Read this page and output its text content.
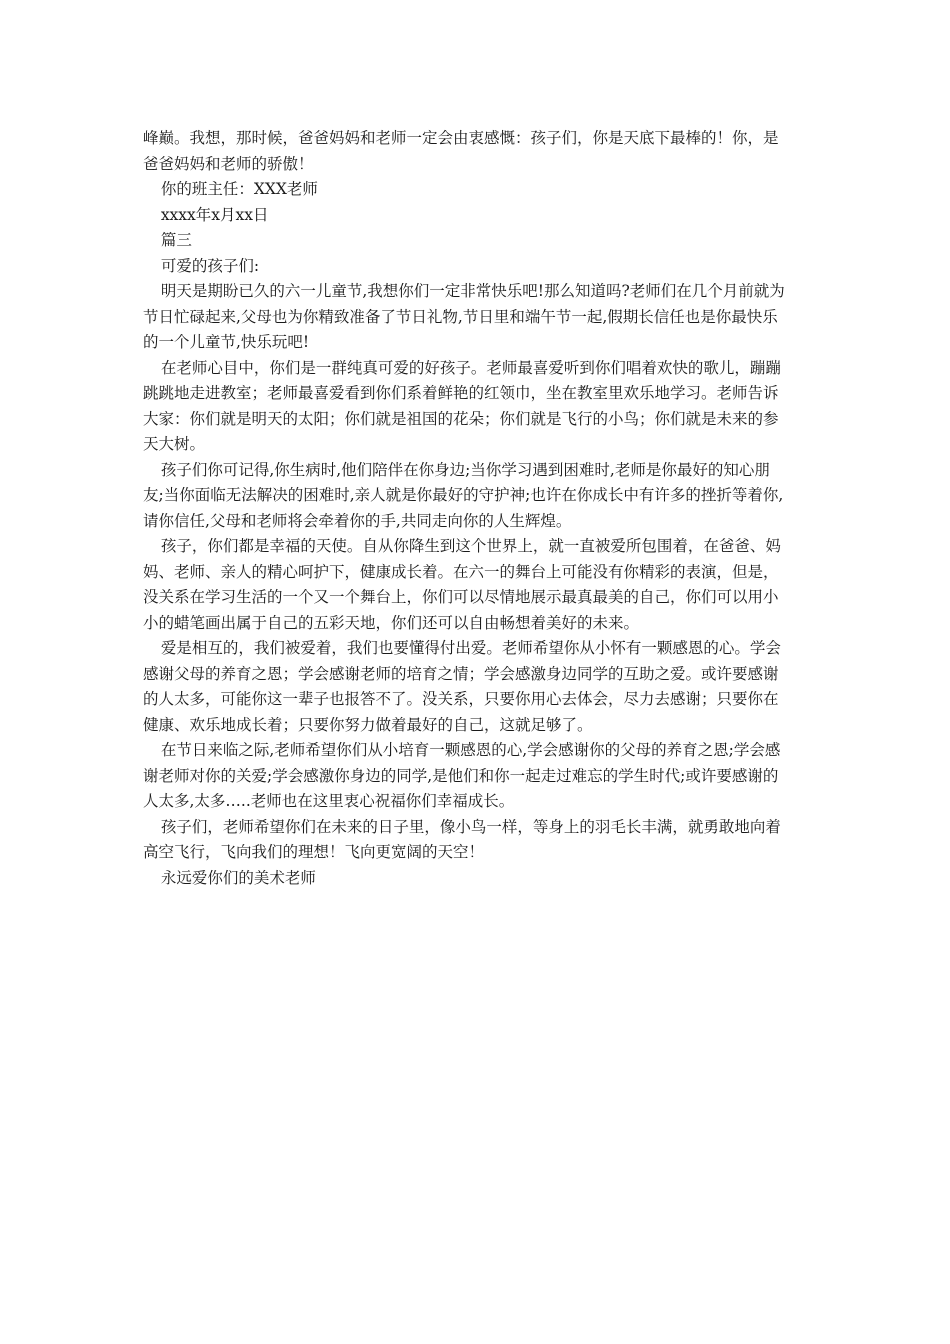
峰巅。我想，那时候，爸爸妈妈和老师一定会由衷感慨：孩子们，你是天底下最棒的！你，是
爸爸妈妈和老师的骄傲！
你的班主任：XXX老师
xxxx年x月xx日
篇三
可爱的孩子们:
明天是期盼已久的六一儿童节,我想你们一定非常快乐吧!那么知道吗?老师们在几个月前就为
节日忙碌起来,父母也为你精致准备了节日礼物,节日里和端午节一起,假期长信任也是你最快乐
的一个儿童节,快乐玩吧!
在老师心目中，你们是一群纯真可爱的好孩子。老师最喜爱听到你们唱着欢快的歌儿，蹦蹦
跳跳地走进教室；老师最喜爱看到你们系着鲜艳的红领巾，坐在教室里欢乐地学习。老师告诉
大家：你们就是明天的太阳；你们就是祖国的花朵；你们就是飞行的小鸟；你们就是未来的参
天大树。
孩子们你可记得,你生病时,他们陪伴在你身边;当你学习遇到困难时,老师是你最好的知心朋
友;当你面临无法解决的困难时,亲人就是你最好的守护神;也许在你成长中有许多的挫折等着你,
请你信任,父母和老师将会牵着你的手,共同走向你的人生辉煌。
孩子，你们都是幸福的天使。自从你降生到这个世界上，就一直被爱所包围着，在爸爸、妈
妈、老师、亲人的精心呵护下，健康成长着。在六一的舞台上可能没有你精彩的表演，但是，
没关系在学习生活的一个又一个舞台上，你们可以尽情地展示最真最美的自己，你们可以用小
小的蜡笔画出属于自己的五彩天地，你们还可以自由畅想着美好的未来。
爱是相互的，我们被爱着，我们也要懂得付出爱。老师希望你从小怀有一颗感恩的心。学会
感谢父母的养育之恩；学会感谢老师的培育之情；学会感激身边同学的互助之爱。或许要感谢
的人太多，可能你这一辈子也报答不了。没关系，只要你用心去体会，尽力去感谢；只要你在
健康、欢乐地成长着；只要你努力做着最好的自己，这就足够了。
在节日来临之际,老师希望你们从小培育一颗感恩的心,学会感谢你的父母的养育之恩;学会感
谢老师对你的关爱;学会感激你身边的同学,是他们和你一起走过难忘的学生时代;或许要感谢的
人太多,太多…..老师也在这里衷心祝福你们幸福成长。
孩子们，老师希望你们在未来的日子里，像小鸟一样，等身上的羽毛长丰满，就勇敢地向着
高空飞行，飞向我们的理想！飞向更宽阔的天空！
永远爱你们的美术老师
